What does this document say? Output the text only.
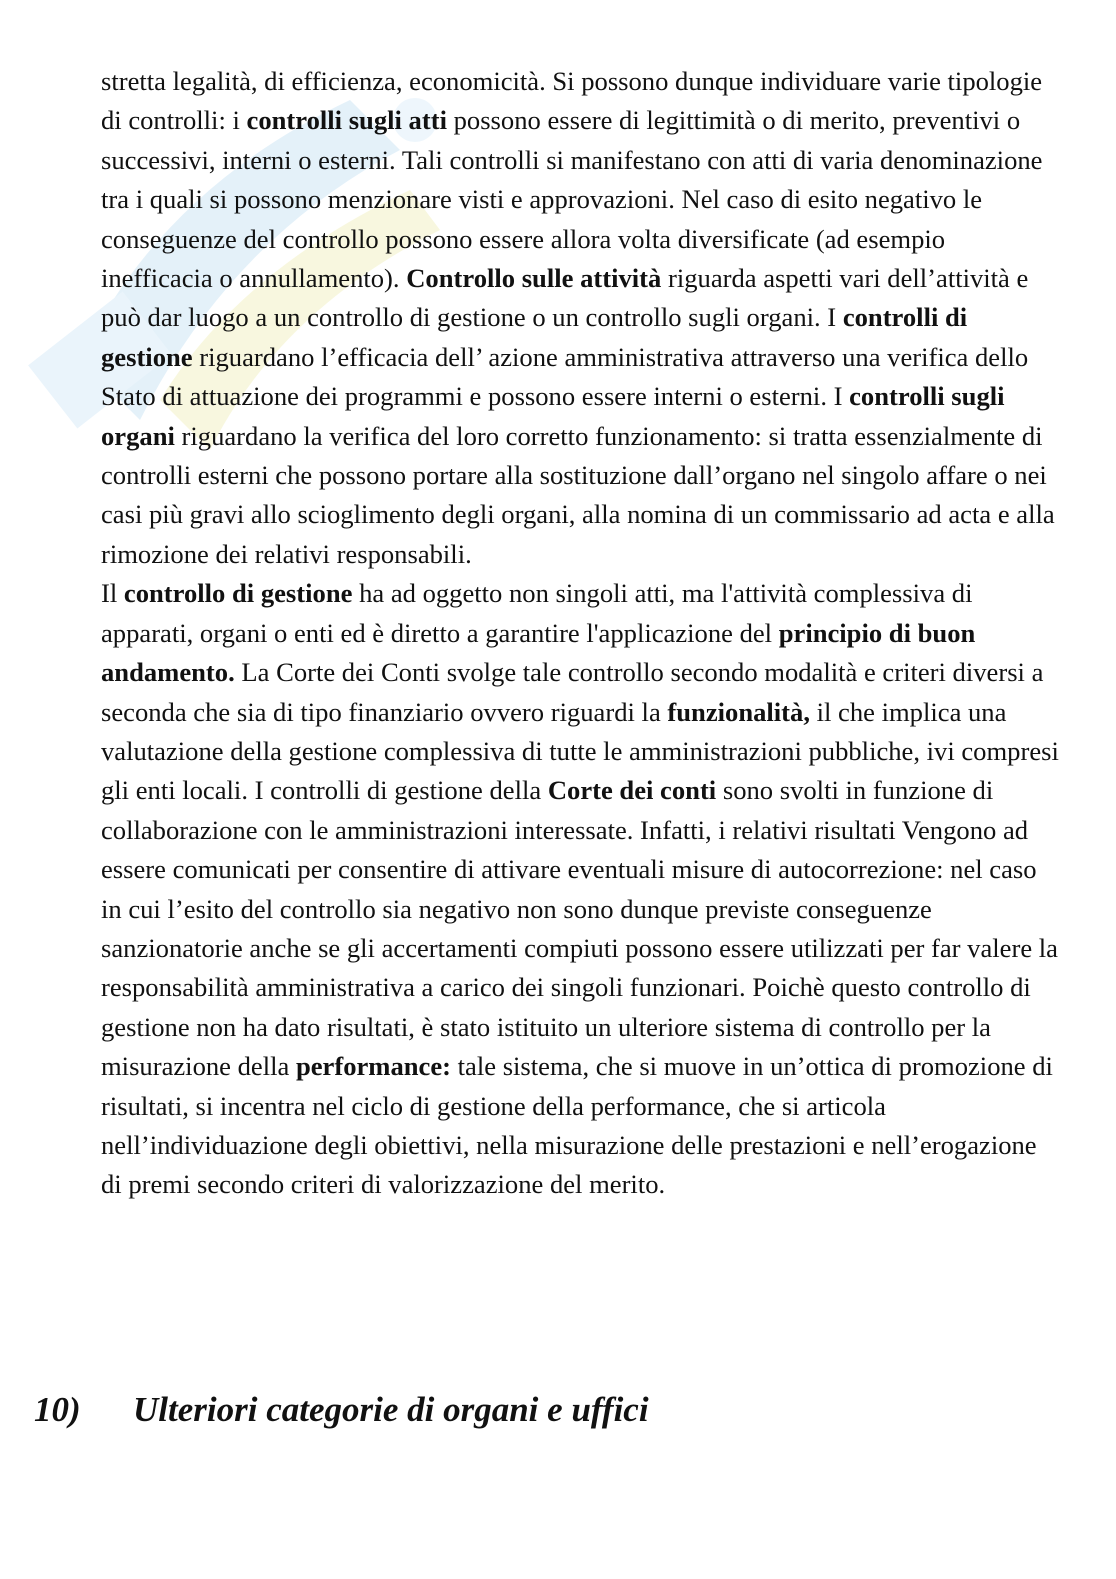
stretta legalità, di efficienza, economicità. Si possono dunque individuare varie tipologie di controlli: i controlli sugli atti possono essere di legittimità o di merito, preventivi o successivi, interni o esterni. Tali controlli si manifestano con atti di varia denominazione tra i quali si possono menzionare visti e approvazioni. Nel caso di esito negativo le conseguenze del controllo possono essere allora volta diversificate (ad esempio inefficacia o annullamento). Controllo sulle attività riguarda aspetti vari dell’attività e può dar luogo a un controllo di gestione o un controllo sugli organi. I controlli di gestione riguardano l’efficacia dell’ azione amministrativa attraverso una verifica dello Stato di attuazione dei programmi e possono essere interni o esterni. I controlli sugli organi riguardano la verifica del loro corretto funzionamento: si tratta essenzialmente di controlli esterni che possono portare alla sostituzione dall’organo nel singolo affare o nei casi più gravi allo scioglimento degli organi, alla nomina di un commissario ad acta e alla rimozione dei relativi responsabili.

Il controllo di gestione ha ad oggetto non singoli atti, ma l'attività complessiva di apparati, organi o enti ed è diretto a garantire l'applicazione del principio di buon andamento. La Corte dei Conti svolge tale controllo secondo modalità e criteri diversi a seconda che sia di tipo finanziario ovvero riguardi la funzionalità, il che implica una valutazione della gestione complessiva di tutte le amministrazioni pubbliche, ivi compresi gli enti locali. I controlli di gestione della Corte dei conti sono svolti in funzione di collaborazione con le amministrazioni interessate. Infatti, i relativi risultati Vengono ad essere comunicati per consentire di attivare eventuali misure di autocorrezione: nel caso in cui l’esito del controllo sia negativo non sono dunque previste conseguenze sanzionatorie anche se gli accertamenti compiuti possono essere utilizzati per far valere la responsabilità amministrativa a carico dei singoli funzionari. Poichè questo controllo di gestione non ha dato risultati, è stato istituito un ulteriore sistema di controllo per la misurazione della performance: tale sistema, che si muove in un’ottica di promozione di risultati, si incentra nel ciclo di gestione della performance, che si articola nell’individuazione degli obiettivi, nella misurazione delle prestazioni e nell’erogazione di premi secondo criteri di valorizzazione del merito.

10) Ulteriori categorie di organi e uffici
